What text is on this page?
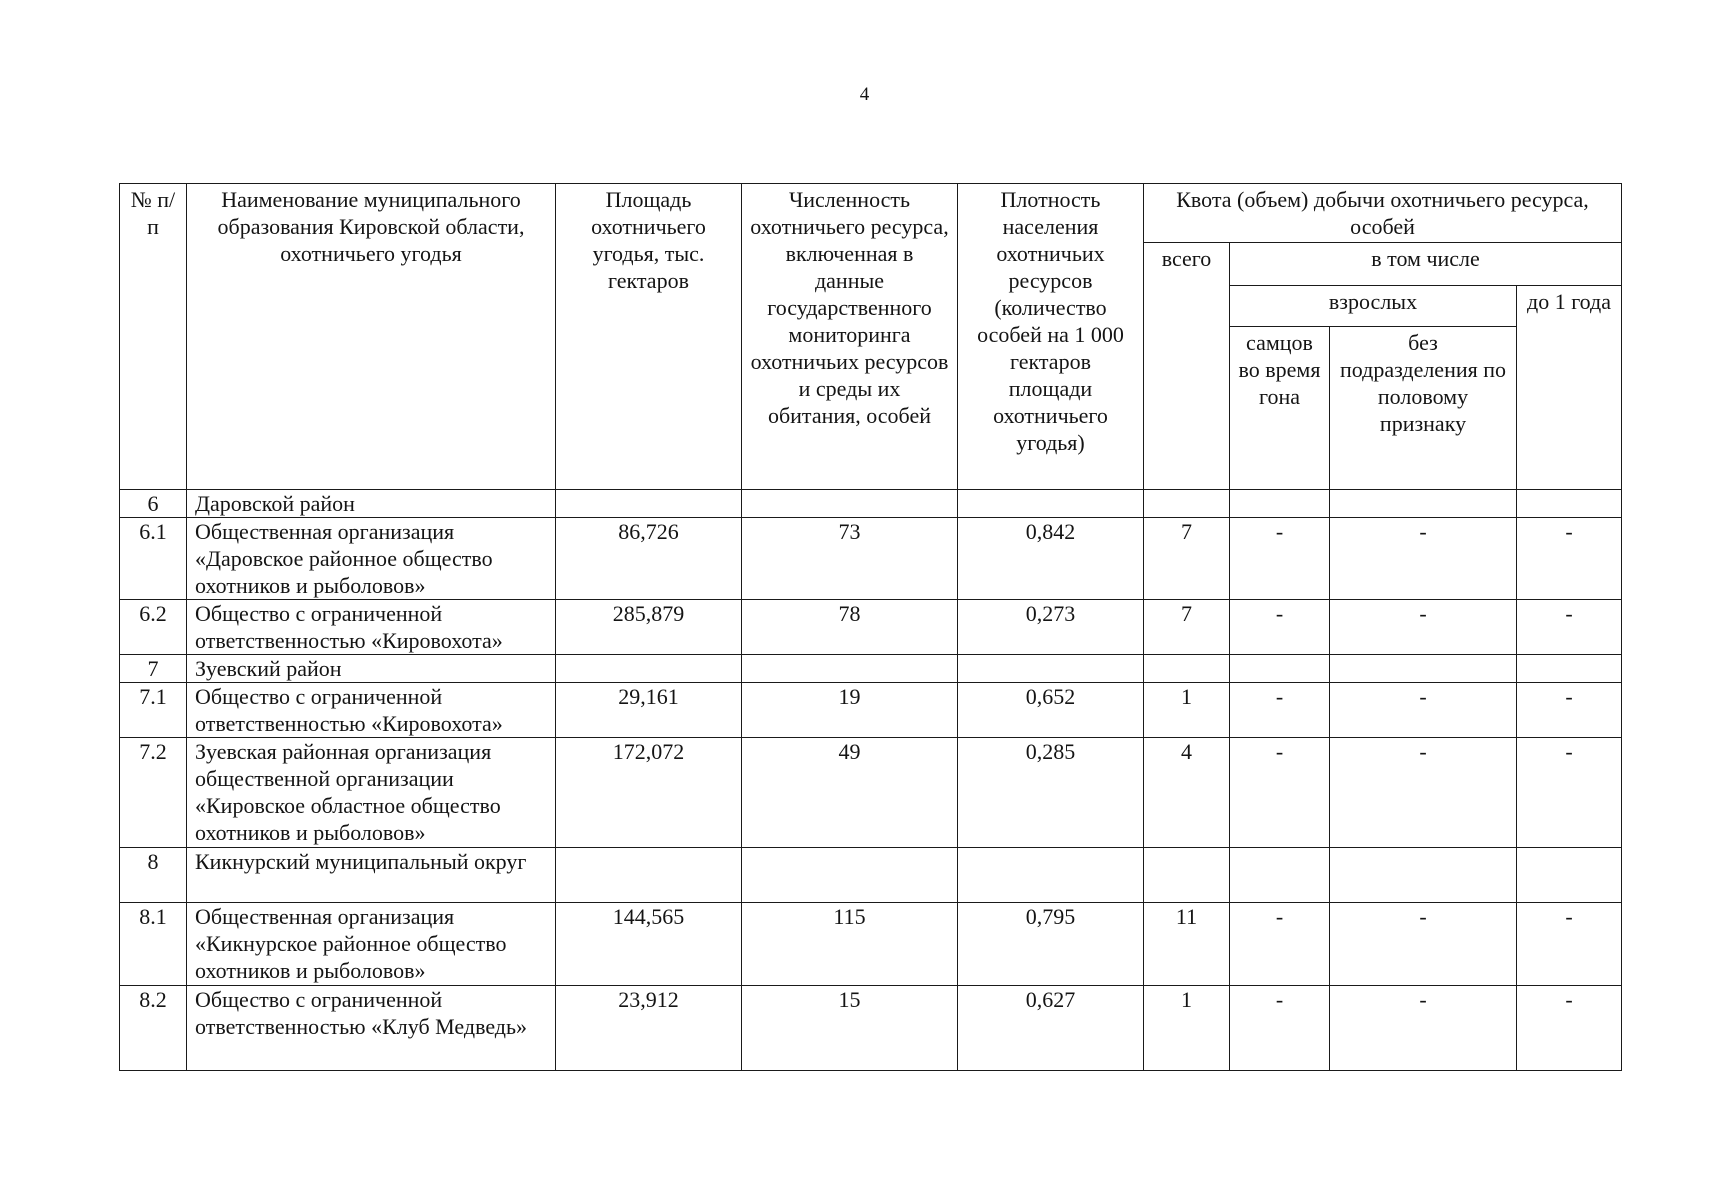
4
№ п/п	Наименование муниципального образования Кировской области, охотничьего угодья	Площадь охотничьего угодья, тыс. гектаров	Численность охотничьего ресурса, включенная в данные государственного мониторинга охотничьих ресурсов и среды их обитания, особей	Плотность населения охотничьих ресурсов (количество особей на 1 000 гектаров площади охотничьего угодья)	Квота (объем) добычи охотничьего ресурса, особей			
					всего	в том числе		
						взрослых		до 1 года
						самцов во время гона	без подразделения по половому признаку	
6	Даровской район							
6.1	Общественная организация «Даровское районное общество охотников и рыболовов»	86,726	73	0,842	7	-	-	-
6.2	Общество с ограниченной ответственностью «Кировохота»	285,879	78	0,273	7	-	-	-
7	Зуевский район							
7.1	Общество с ограниченной ответственностью «Кировохота»	29,161	19	0,652	1	-	-	-
7.2	Зуевская районная организация общественной организации «Кировское областное общество охотников и рыболовов»	172,072	49	0,285	4	-	-	-
8	Кикнурский муниципальный округ							
8.1	Общественная организация «Кикнурское районное общество охотников и рыболовов»	144,565	115	0,795	11	-	-	-
8.2	Общество с ограниченной ответственностью «Клуб Медведь»	23,912	15	0,627	1	-	-	-
